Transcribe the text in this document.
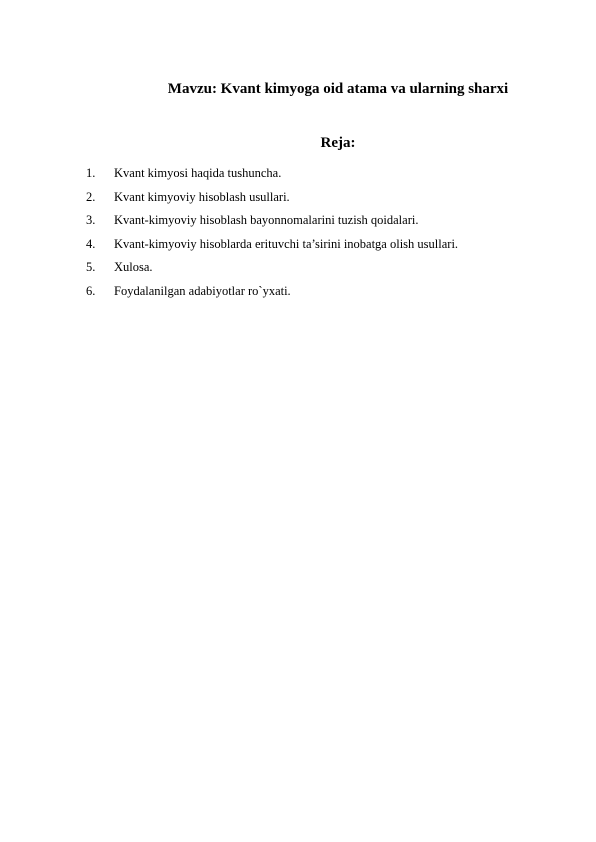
Mavzu: Kvant kimyoga oid atama va ularning sharxi
Reja:
1.	Kvant kimyosi haqida tushuncha.
2.	Kvant kimyoviy hisoblash usullari.
3.	Kvant-kimyoviy hisoblash bayonnomalarini tuzish qoidalari.
4.	Kvant-kimyoviy hisoblarda erituvchi ta’sirini inobatga olish usullari.
5.	Xulosa.
6.	Foydalanilgan adabiyotlar ro`yxati.
